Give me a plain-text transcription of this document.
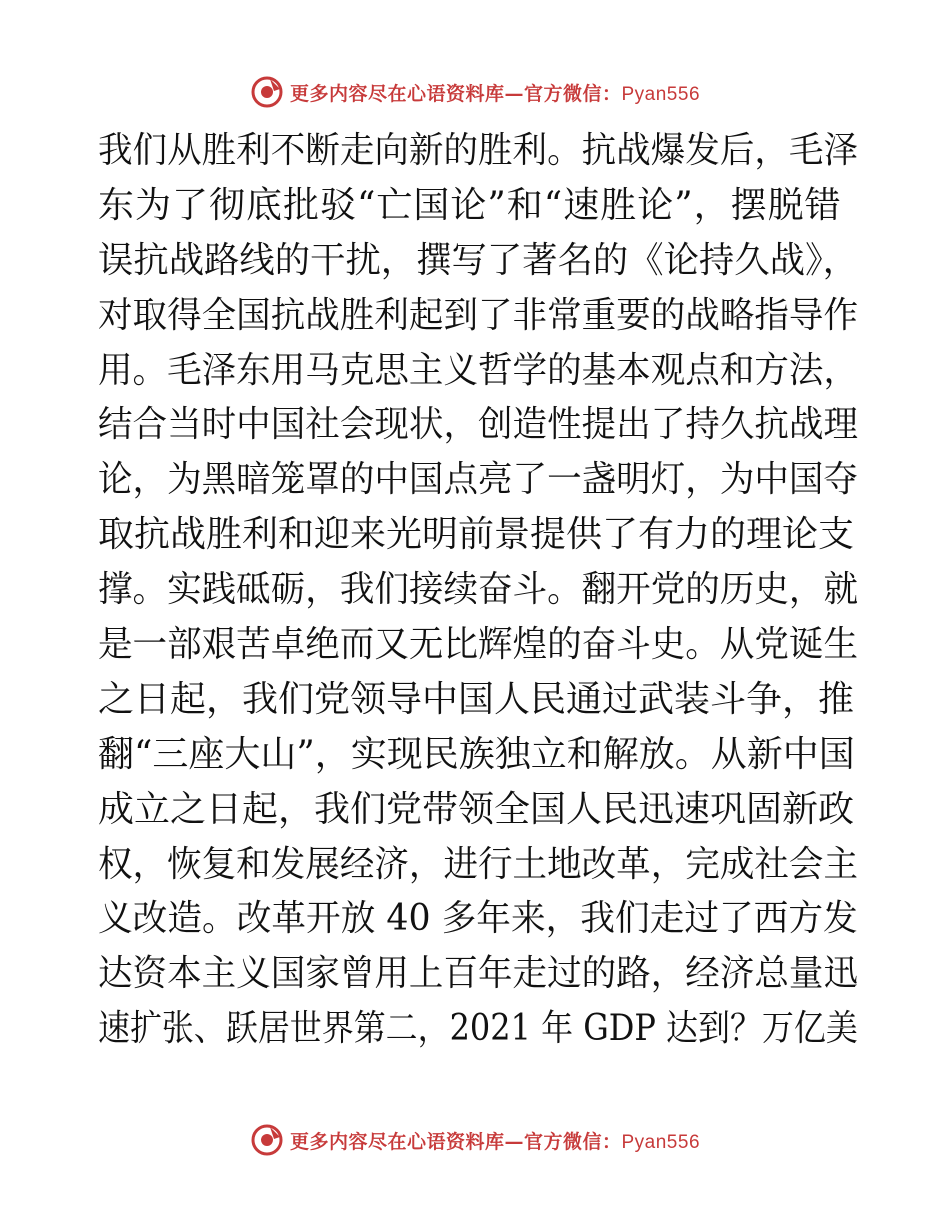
更多内容尽在心语资料库—官方微信：Pyan556
我们从胜利不断走向新的胜利。抗战爆发后，毛泽
东为了彻底批驳“亡国论”和“速胜论”，摆脱错
误抗战路线的干扰，撰写了著名的《论持久战》，
对取得全国抗战胜利起到了非常重要的战略指导作
用。毛泽东用马克思主义哲学的基本观点和方法，
结合当时中国社会现状，创造性提出了持久抗战理
论，为黑暗笼罩的中国点亮了一盏明灯，为中国夺
取抗战胜利和迎来光明前景提供了有力的理论支
撑。实践砥砺，我们接续奋斗。翻开党的历史，就
是一部艰苦卓绝而又无比辉煌的奋斗史。从党诞生
之日起，我们党领导中国人民通过武装斗争，推
翻“三座大山”，实现民族独立和解放。从新中国
成立之日起，我们党带领全国人民迅速巩固新政
权，恢复和发展经济，进行土地改革，完成社会主
义改造。改革开放 40 多年来，我们走过了西方发
达资本主义国家曾用上百年走过的路，经济总量迅
速扩张、跃居世界第二，2021 年 GDP 达到？万亿美
更多内容尽在心语资料库—官方微信：Pyan556
